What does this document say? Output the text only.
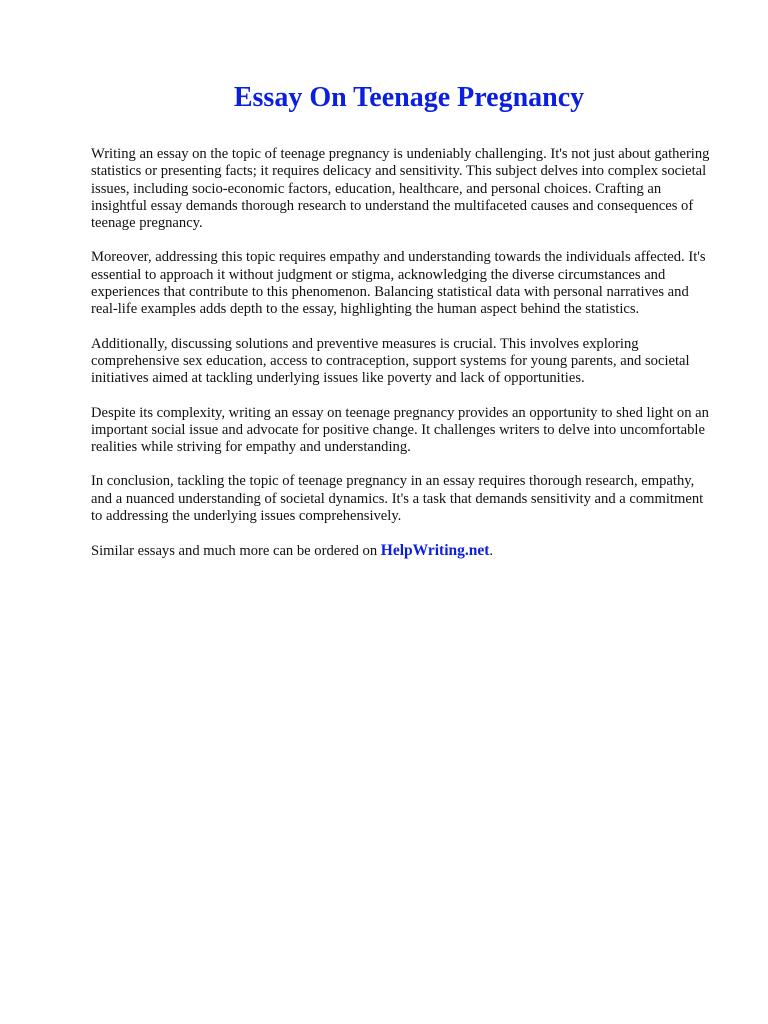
Essay On Teenage Pregnancy

Writing an essay on the topic of teenage pregnancy is undeniably challenging. It's not just about gathering statistics or presenting facts; it requires delicacy and sensitivity. This subject delves into complex societal issues, including socio-economic factors, education, healthcare, and personal choices. Crafting an insightful essay demands thorough research to understand the multifaceted causes and consequences of teenage pregnancy.

Moreover, addressing this topic requires empathy and understanding towards the individuals affected. It's essential to approach it without judgment or stigma, acknowledging the diverse circumstances and experiences that contribute to this phenomenon. Balancing statistical data with personal narratives and real-life examples adds depth to the essay, highlighting the human aspect behind the statistics.

Additionally, discussing solutions and preventive measures is crucial. This involves exploring comprehensive sex education, access to contraception, support systems for young parents, and societal initiatives aimed at tackling underlying issues like poverty and lack of opportunities.

Despite its complexity, writing an essay on teenage pregnancy provides an opportunity to shed light on an important social issue and advocate for positive change. It challenges writers to delve into uncomfortable realities while striving for empathy and understanding.

In conclusion, tackling the topic of teenage pregnancy in an essay requires thorough research, empathy, and a nuanced understanding of societal dynamics. It's a task that demands sensitivity and a commitment to addressing the underlying issues comprehensively.

Similar essays and much more can be ordered on HelpWriting.net.
